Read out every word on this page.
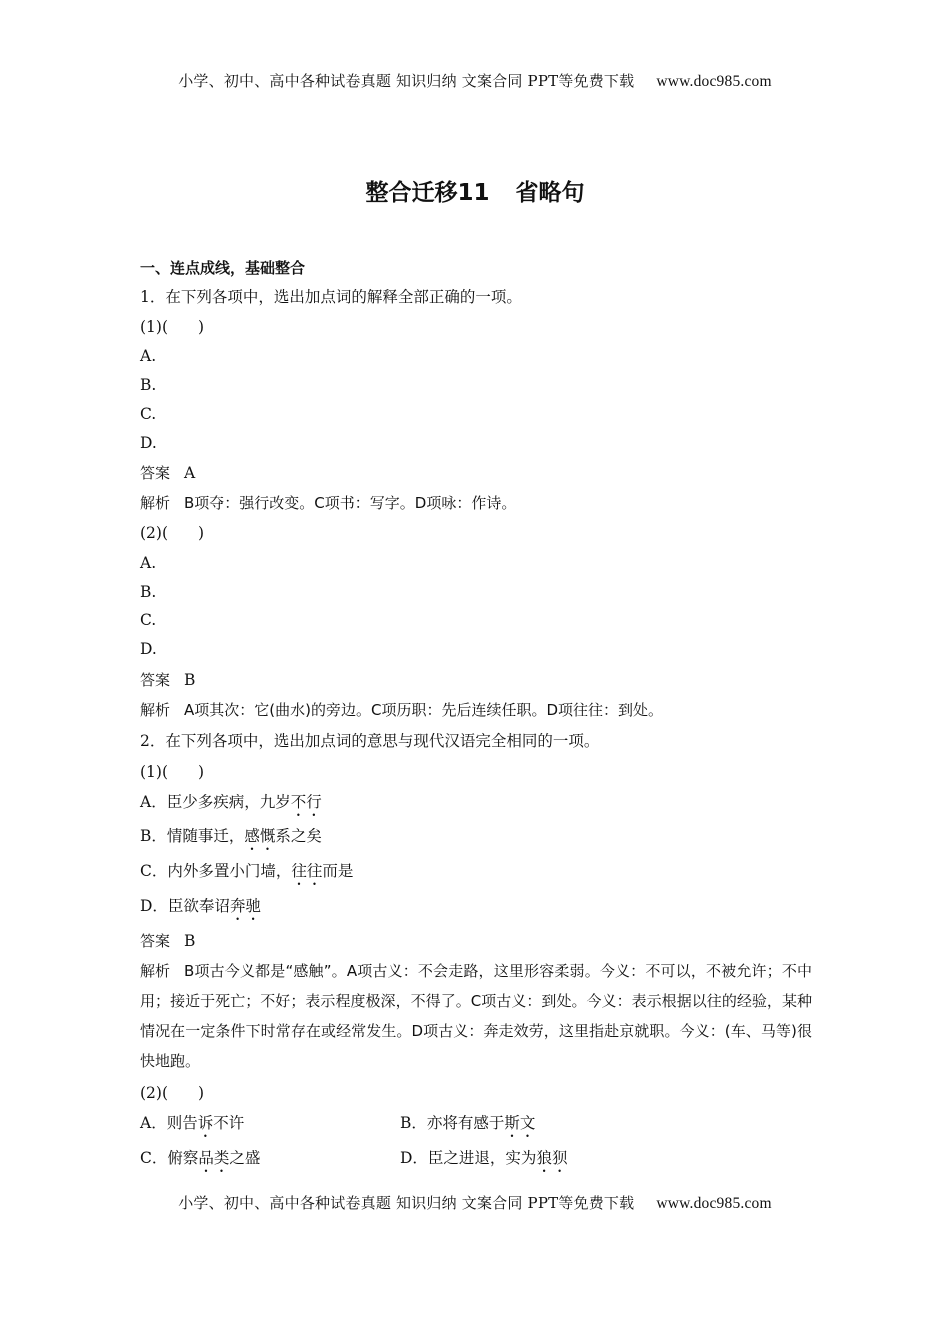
小学、初中、高中各种试卷真题 知识归纳 文案合同 PPT等免费下载 www.doc985.com
整合迁移11 省略句
一、连点成线，基础整合
1．在下列各项中，选出加点词的解释全部正确的一项。
(1)( )
A.
B.
C.
D.
答案 A
解析 B项夺：强行改变。C项书：写字。D项咏：作诗。
(2)( )
A.
B.
C.
D.
答案 B
解析 A项其次：它(曲水)的旁边。C项历职：先后连续任职。D项往往：到处。
2．在下列各项中，选出加点词的意思与现代汉语完全相同的一项。
(1)( )
A．臣少多疾病，九岁不行
B．情随事迁，感慨系之矣
C．内外多置小门墙，往往而是
D．臣欲奉诏奔驰
答案 B
解析 B项古今义都是“感触”。A项古义：不会走路，这里形容柔弱。今义：不可以，不被允许；不中用；接近于死亡；不好；表示程度极深，不得了。C项古义：到处。今义：表示根据以往的经验，某种情况在一定条件下时常存在或经常发生。D项古义：奔走效劳，这里指赴京就职。今义：(车、马等)很快地跑。
(2)( )
A．则告诉不许	B．亦将有感于斯文
C．俯察品类之盛	D．臣之进退，实为狼狈
小学、初中、高中各种试卷真题 知识归纳 文案合同 PPT等免费下载 www.doc985.com
